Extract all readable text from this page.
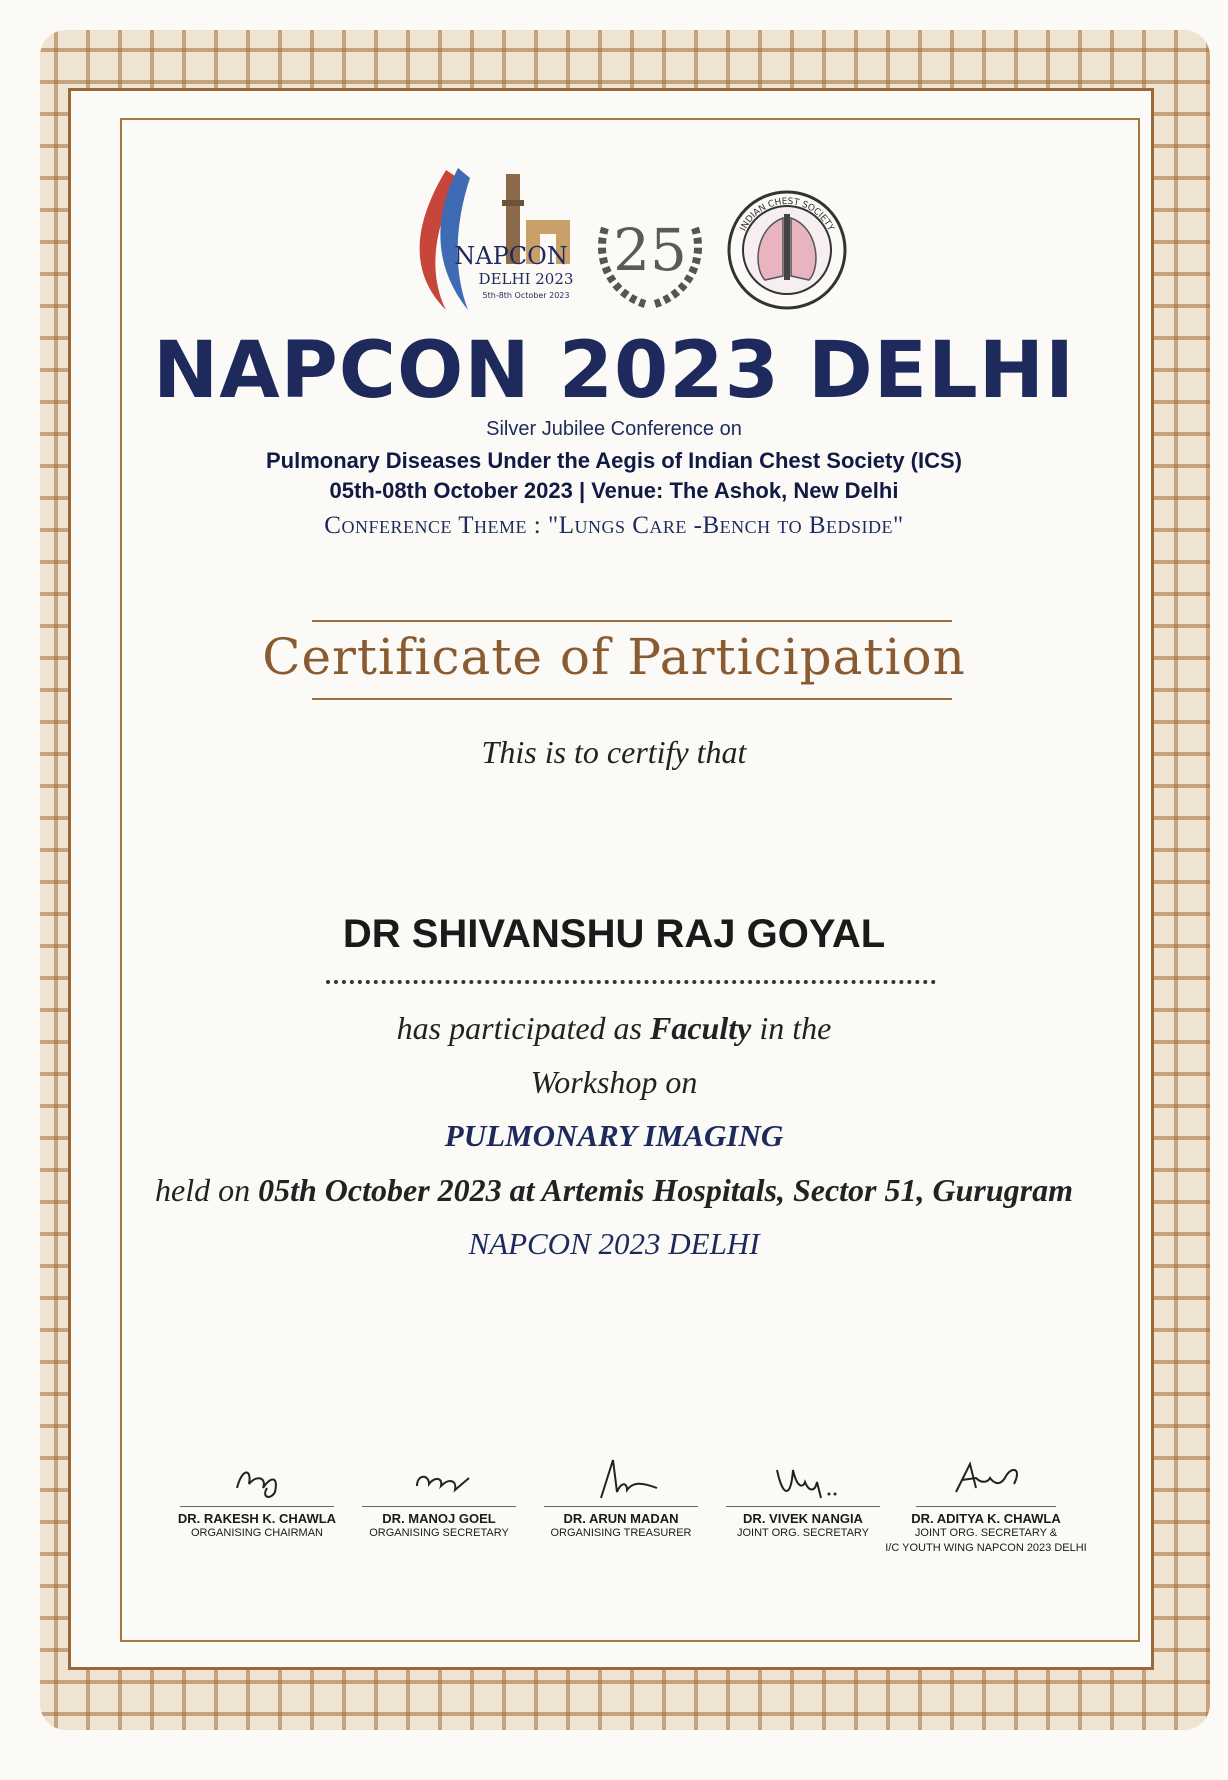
NAPCON
DELHI 2023
5th-8th October 2023
25	INDIAN CHEST SOCIETY

NAPCON 2023 DELHI

Silver Jubilee Conference on

Pulmonary Diseases Under the Aegis of Indian Chest Society (ICS)

05th-08th October 2023 | Venue: The Ashok, New Delhi

Conference Theme : "Lungs Care -Bench to Bedside"

Certificate of Participation

This is to certify that

DR SHIVANSHU RAJ GOYAL

has participated as Faculty in the

Workshop on

PULMONARY IMAGING

held on 05th October 2023 at Artemis Hospitals, Sector 51, Gurugram

NAPCON 2023 DELHI

DR. RAKESH K. CHAWLA
ORGANISING CHAIRMAN
DR. MANOJ GOEL
ORGANISING SECRETARY
DR. ARUN MADAN
ORGANISING TREASURER
DR. VIVEK NANGIA
JOINT ORG. SECRETARY
DR. ADITYA K. CHAWLA
JOINT ORG. SECRETARY &
I/C YOUTH WING NAPCON 2023 DELHI
